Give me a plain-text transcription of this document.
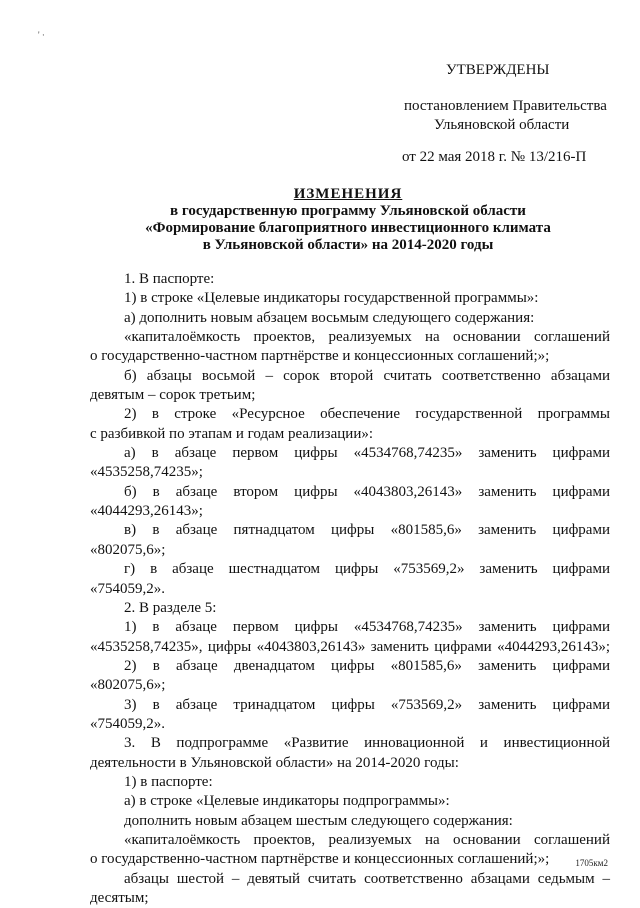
' ·
УТВЕРЖДЕНЫ
постановлением Правительства
Ульяновской области
от 22 мая 2018 г. № 13/216-П
ИЗМЕНЕНИЯ
в государственную программу Ульяновской области
«Формирование благоприятного инвестиционного климата
в Ульяновской области» на 2014-2020 годы
1. В паспорте:
1) в строке «Целевые индикаторы государственной программы»:
а) дополнить новым абзацем восьмым следующего содержания:
«капиталоёмкость проектов, реализуемых на основании соглашений
о государственно-частном партнёрстве и концессионных соглашений;»;
б) абзацы восьмой – сорок второй считать соответственно абзацами
девятым – сорок третьим;
2) в строке «Ресурсное обеспечение государственной программы
с разбивкой по этапам и годам реализации»:
а) в абзаце первом цифры «4534768,74235» заменить цифрами
«4535258,74235»;
б) в абзаце втором цифры «4043803,26143» заменить цифрами
«4044293,26143»;
в) в абзаце пятнадцатом цифры «801585,6» заменить цифрами
«802075,6»;
г) в абзаце шестнадцатом цифры «753569,2» заменить цифрами
«754059,2».
2. В разделе 5:
1) в абзаце первом цифры «4534768,74235» заменить цифрами
«4535258,74235», цифры «4043803,26143» заменить цифрами «4044293,26143»;
2) в абзаце двенадцатом цифры «801585,6» заменить цифрами
«802075,6»;
3) в абзаце тринадцатом цифры «753569,2» заменить цифрами
«754059,2».
3. В подпрограмме «Развитие инновационной и инвестиционной
деятельности в Ульяновской области» на 2014-2020 годы:
1) в паспорте:
а) в строке «Целевые индикаторы подпрограммы»:
дополнить новым абзацем шестым следующего содержания:
«капиталоёмкость проектов, реализуемых на основании соглашений
о государственно-частном партнёрстве и концессионных соглашений;»;
абзацы шестой – девятый считать соответственно абзацами седьмым –
десятым;
1705км2
